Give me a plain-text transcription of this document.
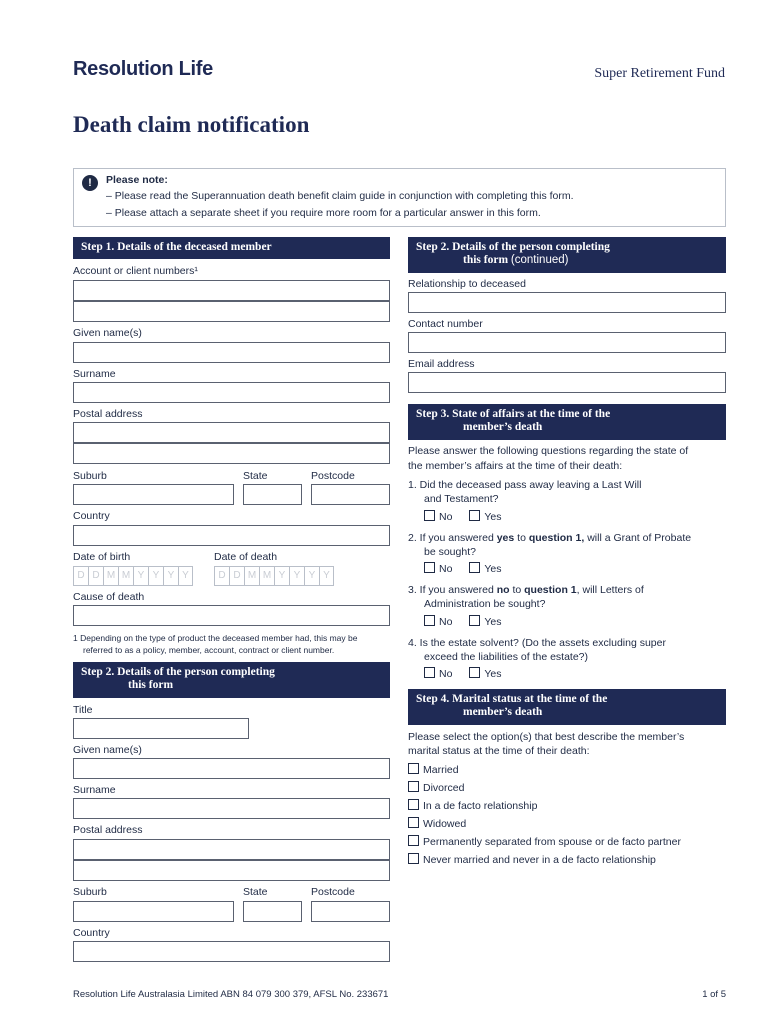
Resolution Life	Super Retirement Fund
Death claim notification
!	Please note:
– Please read the Superannuation death benefit claim guide in conjunction with completing this form.
– Please attach a separate sheet if you require more room for a particular answer in this form.
Step 1. Details of the deceased member
Account or client numbers¹
Given name(s)
Surname
Postal address
Suburb	State	Postcode
Country
Date of birth	Date of death
D D M M Y Y Y Y	D D M M Y Y Y Y
Cause of death
1 Depending on the type of product the deceased member had, this may be
referred to as a policy, member, account, contract or client number.
Step 2. Details of the person completing
this form
Title
Given name(s)
Surname
Postal address
Suburb	State	Postcode
Country
Step 2. Details of the person completing
this form (continued)
Relationship to deceased
Contact number
Email address
Step 3. State of affairs at the time of the
member’s death
Please answer the following questions regarding the state of
the member’s affairs at the time of their death:
1. Did the deceased pass away leaving a Last Will
and Testament?
No	Yes
2. If you answered yes to question 1, will a Grant of Probate
be sought?
No	Yes
3. If you answered no to question 1, will Letters of
Administration be sought?
No	Yes
4. Is the estate solvent? (Do the assets excluding super
exceed the liabilities of the estate?)
No	Yes
Step 4. Marital status at the time of the
member’s death
Please select the option(s) that best describe the member’s
marital status at the time of their death:
Married
Divorced
In a de facto relationship
Widowed
Permanently separated from spouse or de facto partner
Never married and never in a de facto relationship
Resolution Life Australasia Limited ABN 84 079 300 379, AFSL No. 233671	1 of 5
